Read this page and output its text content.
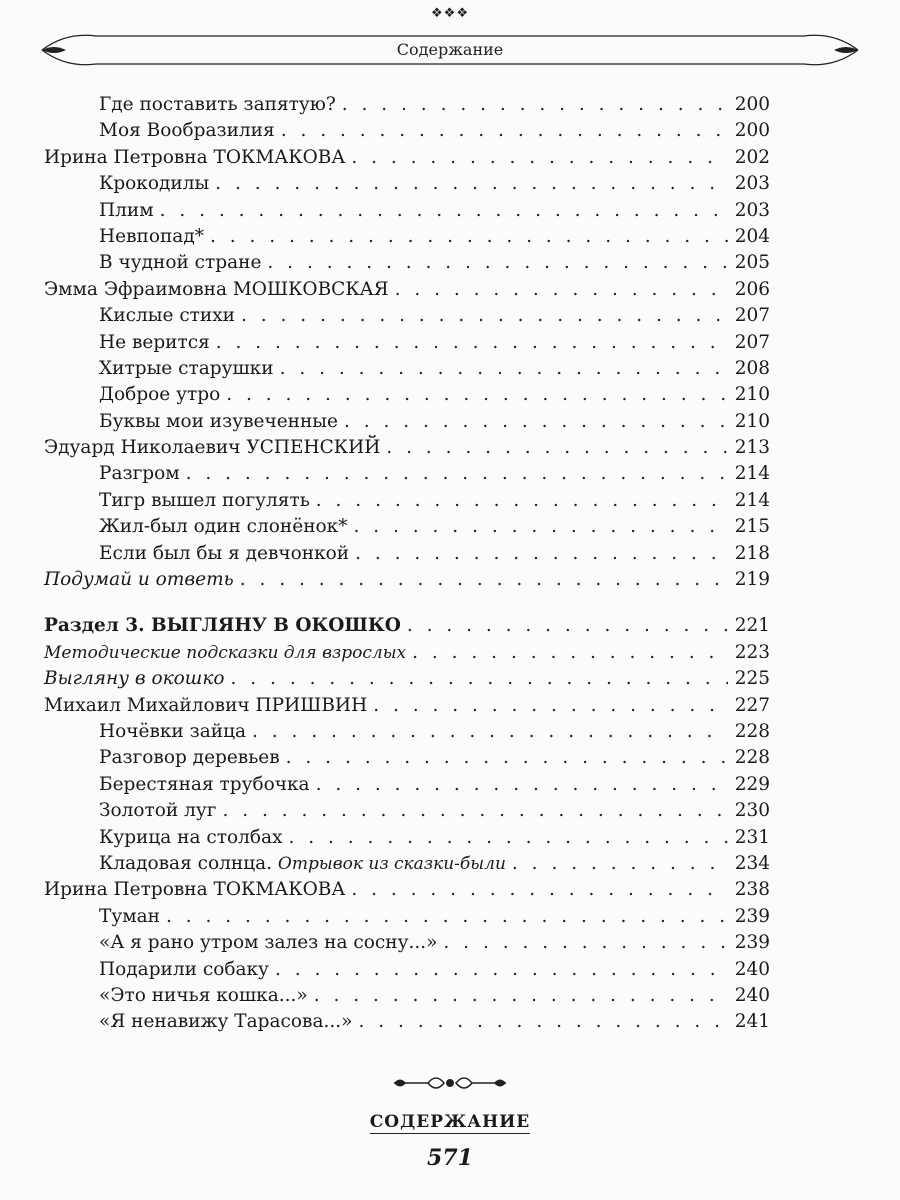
❖❖❖
Содержание
Где поставить запятую? . . .	200
Моя Вообразилия . . .	200
Ирина Петровна ТОКМАКОВА . . .	202
Крокодилы . . .	203
Плим . . .	203
Невпопад* . . .	204
В чудной стране . . .	205
Эмма Эфраимовна МОШКОВСКАЯ . . .	206
Кислые стихи . . .	207
Не верится . . .	207
Хитрые старушки . . .	208
Доброе утро . . .	210
Буквы мои изувеченные . . .	210
Эдуард Николаевич УСПЕНСКИЙ . . .	213
Разгром . . .	214
Тигр вышел погулять . . .	214
Жил-был один слонёнок* . . .	215
Если был бы я девчонкой . . .	218
Подумай и ответь . . .	219
Раздел 3. ВЫГЛЯНУ В ОКОШКО . . .	221
Методические подсказки для взрослых . . .	223
Выгляну в окошко . . .	225
Михаил Михайлович ПРИШВИН . . .	227
Ночёвки зайца . . .	228
Разговор деревьев . . .	228
Берестяная трубочка . . .	229
Золотой луг . . .	230
Курица на столбах . . .	231
Кладовая солнца. Отрывок из сказки-были . . .	234
Ирина Петровна ТОКМАКОВА . . .	238
Туман . . .	239
«А я рано утром залез на сосну...» . . .	239
Подарили собаку . . .	240
«Это ничья кошка...» . . .	240
«Я ненавижу Тарасова...» . . .	241
СОДЕРЖАНИЕ
571
